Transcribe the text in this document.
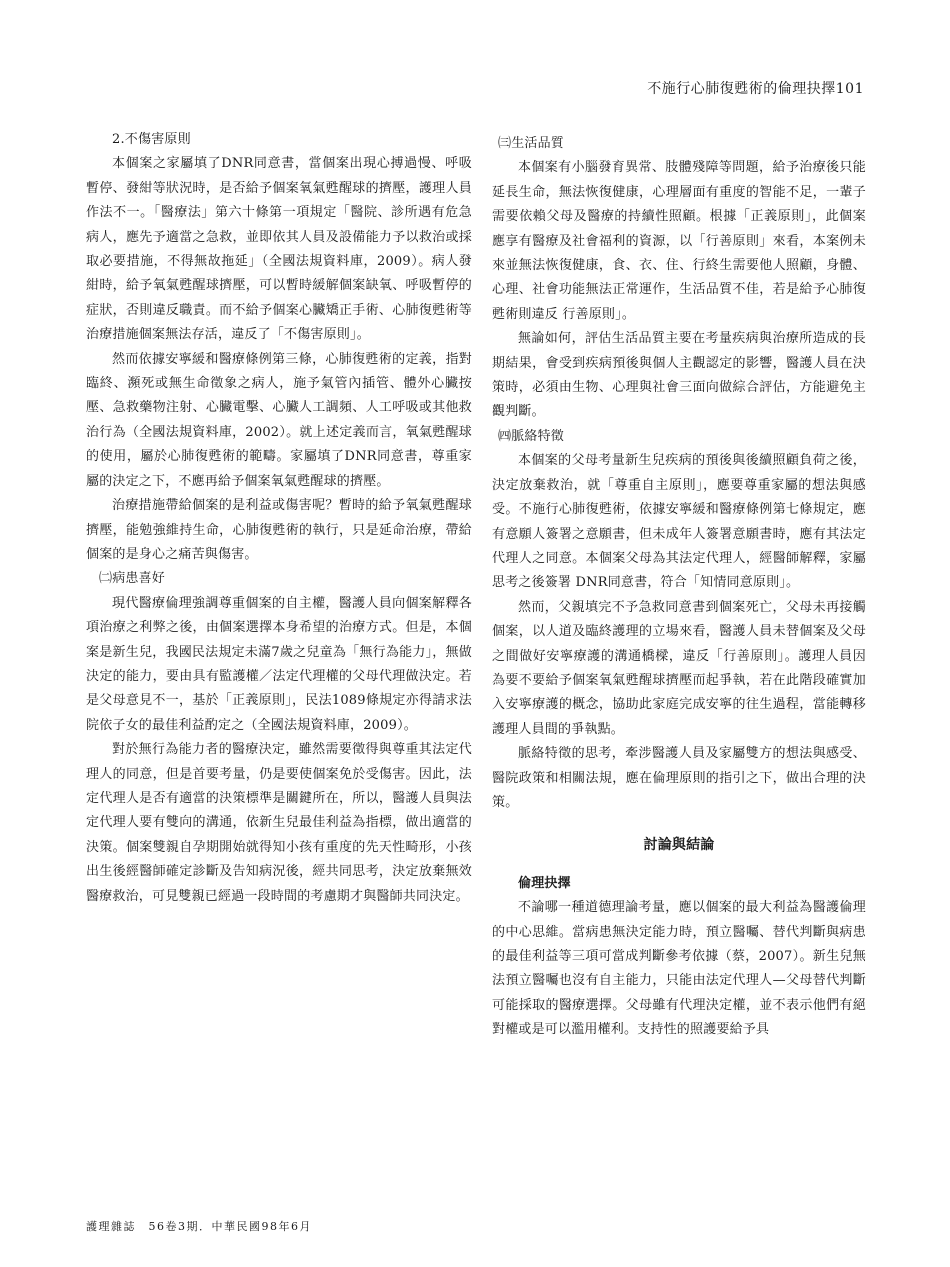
不施行心肺復甦術的倫理抉擇101

2.不傷害原則

本個案之家屬填了DNR同意書，當個案出現心搏過慢、呼吸暫停、發紺等狀況時，是否給予個案氧氣甦醒球的擠壓，護理人員作法不一。「醫療法」第六十條第一項規定「醫院、診所遇有危急病人，應先予適當之急救，並即依其人員及設備能力予以救治或採取必要措施，不得無故拖延」（全國法規資料庫，2009）。病人發紺時，給予氧氣甦醒球擠壓，可以暫時緩解個案缺氧、呼吸暫停的症狀，否則違反職責。而不給予個案心臟矯正手術、心肺復甦術等治療措施個案無法存活，違反了「不傷害原則」。

然而依據安寧緩和醫療條例第三條，心肺復甦術的定義，指對臨終、瀕死或無生命徵象之病人，施予氣管內插管、體外心臟按壓、急救藥物注射、心臟電擊、心臟人工調頻、人工呼吸或其他救治行為（全國法規資料庫，2002）。就上述定義而言，氧氣甦醒球的使用，屬於心肺復甦術的範疇。家屬填了DNR同意書，尊重家屬的決定之下，不應再給予個案氧氣甦醒球的擠壓。

治療措施帶給個案的是利益或傷害呢？暫時的給予氧氣甦醒球擠壓，能勉強維持生命，心肺復甦術的執行，只是延命治療，帶給個案的是身心之痛苦與傷害。

㈡病患喜好

現代醫療倫理強調尊重個案的自主權，醫護人員向個案解釋各項治療之利弊之後，由個案選擇本身希望的治療方式。但是，本個案是新生兒，我國民法規定未滿7歲之兒童為「無行為能力」，無做決定的能力，要由具有監護權／法定代理權的父母代理做決定。若是父母意見不一，基於「正義原則」，民法1089條規定亦得請求法院依子女的最佳利益酌定之（全國法規資料庫，2009）。

對於無行為能力者的醫療決定，雖然需要徵得與尊重其法定代理人的同意，但是首要考量，仍是要使個案免於受傷害。因此，法定代理人是否有適當的決策標準是關鍵所在，所以，醫護人員與法定代理人要有雙向的溝通，依新生兒最佳利益為指標，做出適當的決策。個案雙親自孕期開始就得知小孩有重度的先天性畸形，小孩出生後經醫師確定診斷及告知病況後，經共同思考，決定放棄無效醫療救治，可見雙親已經過一段時間的考慮期才與醫師共同決定。

㈢生活品質

本個案有小腦發育異常、肢體殘障等問題，給予治療後只能延長生命，無法恢復健康，心理層面有重度的智能不足，一輩子需要依賴父母及醫療的持續性照顧。根據「正義原則」，此個案應享有醫療及社會福利的資源，以「行善原則」來看，本案例未來並無法恢復健康，食、衣、住、行終生需要他人照顧，身體、心理、社會功能無法正常運作，生活品質不佳，若是給予心肺復甦術則違反 行善原則」。

無論如何，評估生活品質主要在考量疾病與治療所造成的長期結果，會受到疾病預後與個人主觀認定的影響，醫護人員在決策時，必須由生物、心理與社會三面向做綜合評估，方能避免主觀判斷。

㈣脈絡特徵

本個案的父母考量新生兒疾病的預後與後續照顧負荷之後，決定放棄救治，就「尊重自主原則」，應要尊重家屬的想法與感受。不施行心肺復甦術，依據安寧緩和醫療條例第七條規定，應有意願人簽署之意願書，但未成年人簽署意願書時，應有其法定代理人之同意。本個案父母為其法定代理人，經醫師解釋，家屬思考之後簽署 DNR同意書，符合「知情同意原則」。

然而，父親填完不予急救同意書到個案死亡，父母未再接觸個案，以人道及臨終護理的立場來看，醫護人員未替個案及父母之間做好安寧療護的溝通橋樑，違反「行善原則」。護理人員因為要不要給予個案氧氣甦醒球擠壓而起爭執，若在此階段確實加入安寧療護的概念，協助此家庭完成安寧的往生過程，當能轉移護理人員間的爭執點。

脈絡特徵的思考，牽涉醫護人員及家屬雙方的想法與感受、醫院政策和相關法規，應在倫理原則的指引之下，做出合理的決策。

討論與結論

倫理抉擇

不論哪一種道德理論考量，應以個案的最大利益為醫護倫理的中心思維。當病患無決定能力時，預立醫囑、替代判斷與病患的最佳利益等三項可當成判斷參考依據（蔡，2007）。新生兒無法預立醫囑也沒有自主能力，只能由法定代理人—父母替代判斷可能採取的醫療選擇。父母雖有代理決定權，並不表示他們有絕對權或是可以濫用權利。支持性的照護要給予具

護理雜誌　56卷3期．中華民國98年6月
